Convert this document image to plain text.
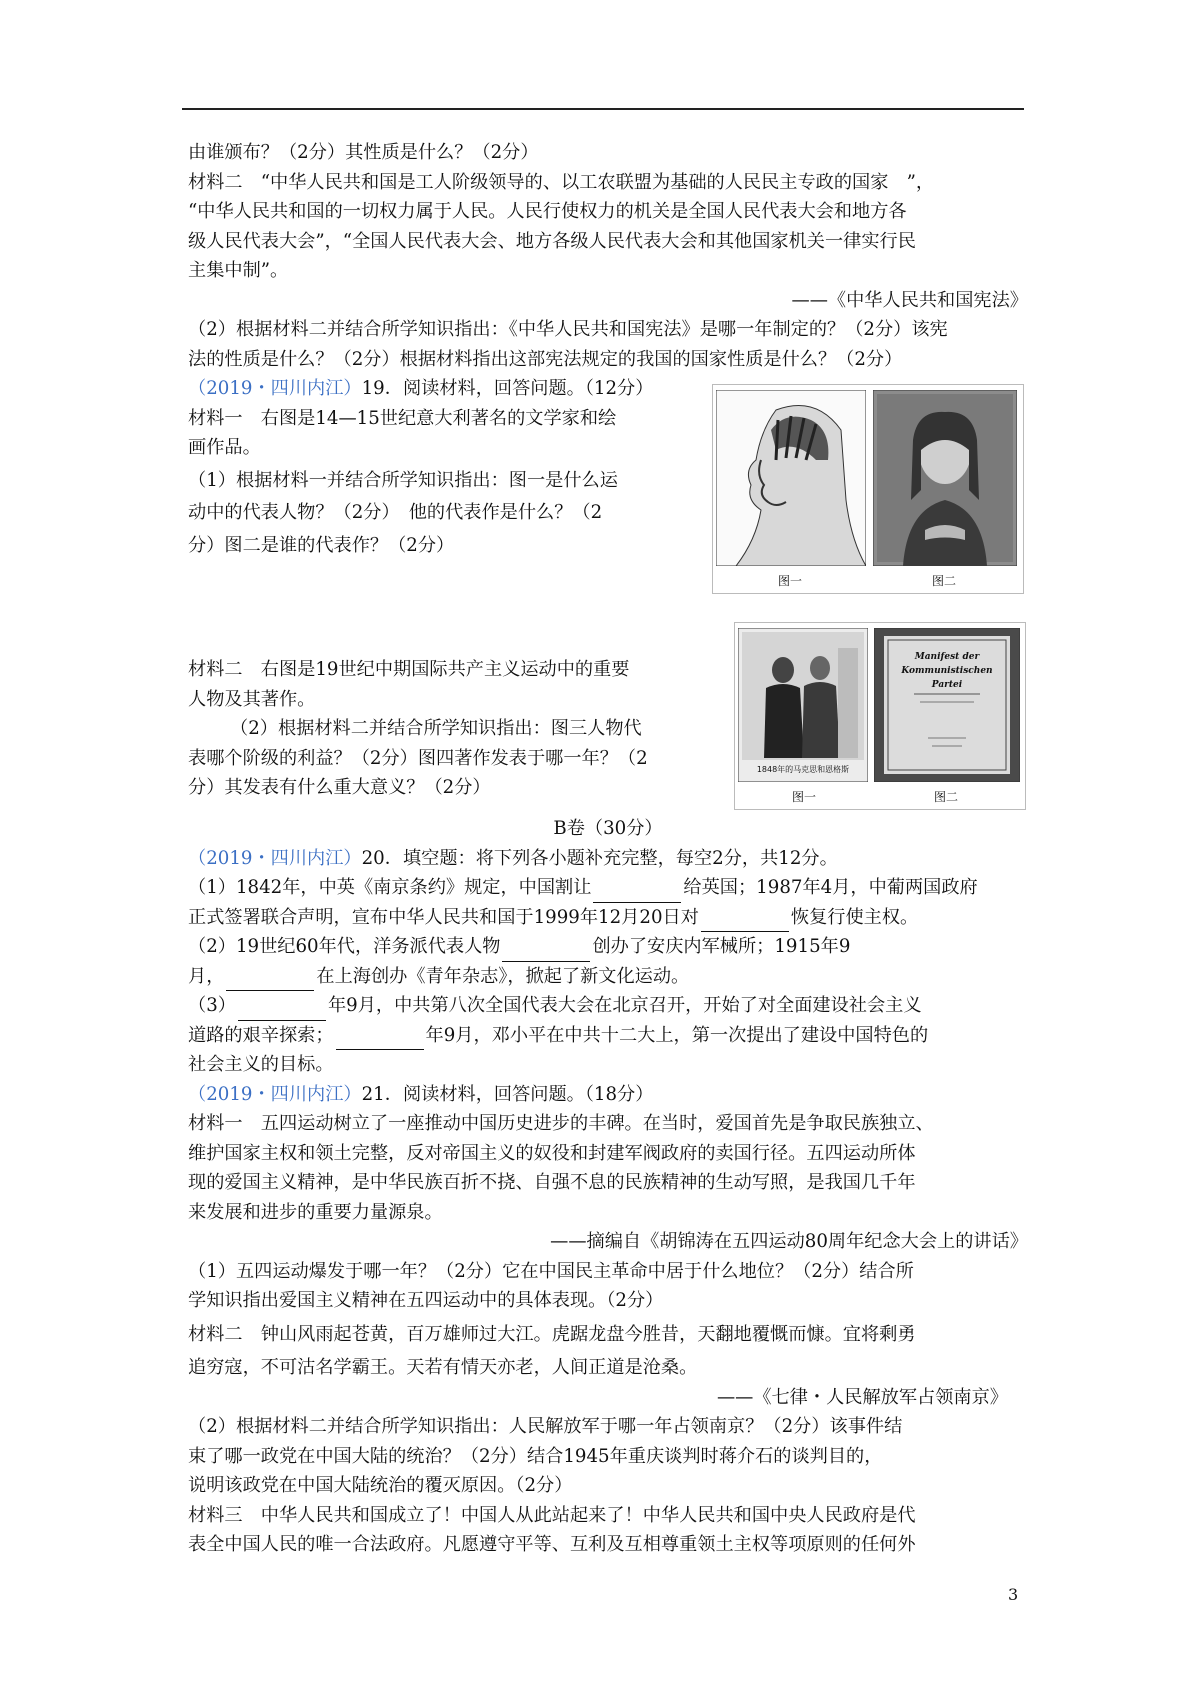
由谁颁布？（2分）其性质是什么？（2分）

材料二　“中华人民共和国是工人阶级领导的、以工农联盟为基础的人民民主专政的国家　”，

“中华人民共和国的一切权力属于人民。人民行使权力的机关是全国人民代表大会和地方各

级人民代表大会”，“全国人民代表大会、地方各级人民代表大会和其他国家机关一律实行民

主集中制”。

——《中华人民共和国宪法》

（2）根据材料二并结合所学知识指出：《中华人民共和国宪法》是哪一年制定的？（2分）该宪

法的性质是什么？（2分）根据材料指出这部宪法规定的我国的国家性质是什么？（2分）

（2019・四川内江）19．阅读材料，回答问题。（12分）

材料一　右图是14—15世纪意大利著名的文学家和绘

画作品。

（1）根据材料一并结合所学知识指出：图一是什么运

动中的代表人物？（2分）　他的代表作是什么？（2

分）图二是谁的代表作？（2分）

图一	图二
1848年的马克思和恩格斯
Manifest der Kommunistischen Partei
图一	图二

材料二　右图是19世纪中期国际共产主义运动中的重要

人物及其著作。

（2）根据材料二并结合所学知识指出：图三人物代

表哪个阶级的利益？（2分）图四著作发表于哪一年？（2

分）其发表有什么重大意义？（2分）

B卷（30分）

（2019・四川内江）20．填空题：将下列各小题补充完整，每空2分，共12分。

（1）1842年，中英《南京条约》规定，中国割让	给英国；1987年4月，中葡两国政府

正式签署联合声明，宣布中华人民共和国于1999年12月20日对	恢复行使主权。

（2）19世纪60年代，洋务派代表人物	创办了安庆内军械所；1915年9

月，	在上海创办《青年杂志》，掀起了新文化运动。

（3）	年9月，中共第八次全国代表大会在北京召开，开始了对全面建设社会主义

道路的艰辛探索；	年9月，邓小平在中共十二大上，第一次提出了建设中国特色的

社会主义的目标。

（2019・四川内江）21．阅读材料，回答问题。（18分）

材料一　五四运动树立了一座推动中国历史进步的丰碑。在当时，爱国首先是争取民族独立、

维护国家主权和领土完整，反对帝国主义的奴役和封建军阀政府的卖国行径。五四运动所体

现的爱国主义精神，是中华民族百折不挠、自强不息的民族精神的生动写照，是我国几千年

来发展和进步的重要力量源泉。

——摘编自《胡锦涛在五四运动80周年纪念大会上的讲话》

（1）五四运动爆发于哪一年？（2分）它在中国民主革命中居于什么地位？（2分）结合所

学知识指出爱国主义精神在五四运动中的具体表现。（2分）

材料二　钟山风雨起苍黄，百万雄师过大江。虎踞龙盘今胜昔，天翻地覆慨而慷。宜将剩勇

追穷寇，不可沽名学霸王。天若有情天亦老，人间正道是沧桑。

——《七律・人民解放军占领南京》

（2）根据材料二并结合所学知识指出：人民解放军于哪一年占领南京？（2分）该事件结

束了哪一政党在中国大陆的统治？（2分）结合1945年重庆谈判时蒋介石的谈判目的，

说明该政党在中国大陆统治的覆灭原因。（2分）

材料三　中华人民共和国成立了！中国人从此站起来了！中华人民共和国中央人民政府是代

表全中国人民的唯一合法政府。凡愿遵守平等、互利及互相尊重领土主权等项原则的任何外

3
